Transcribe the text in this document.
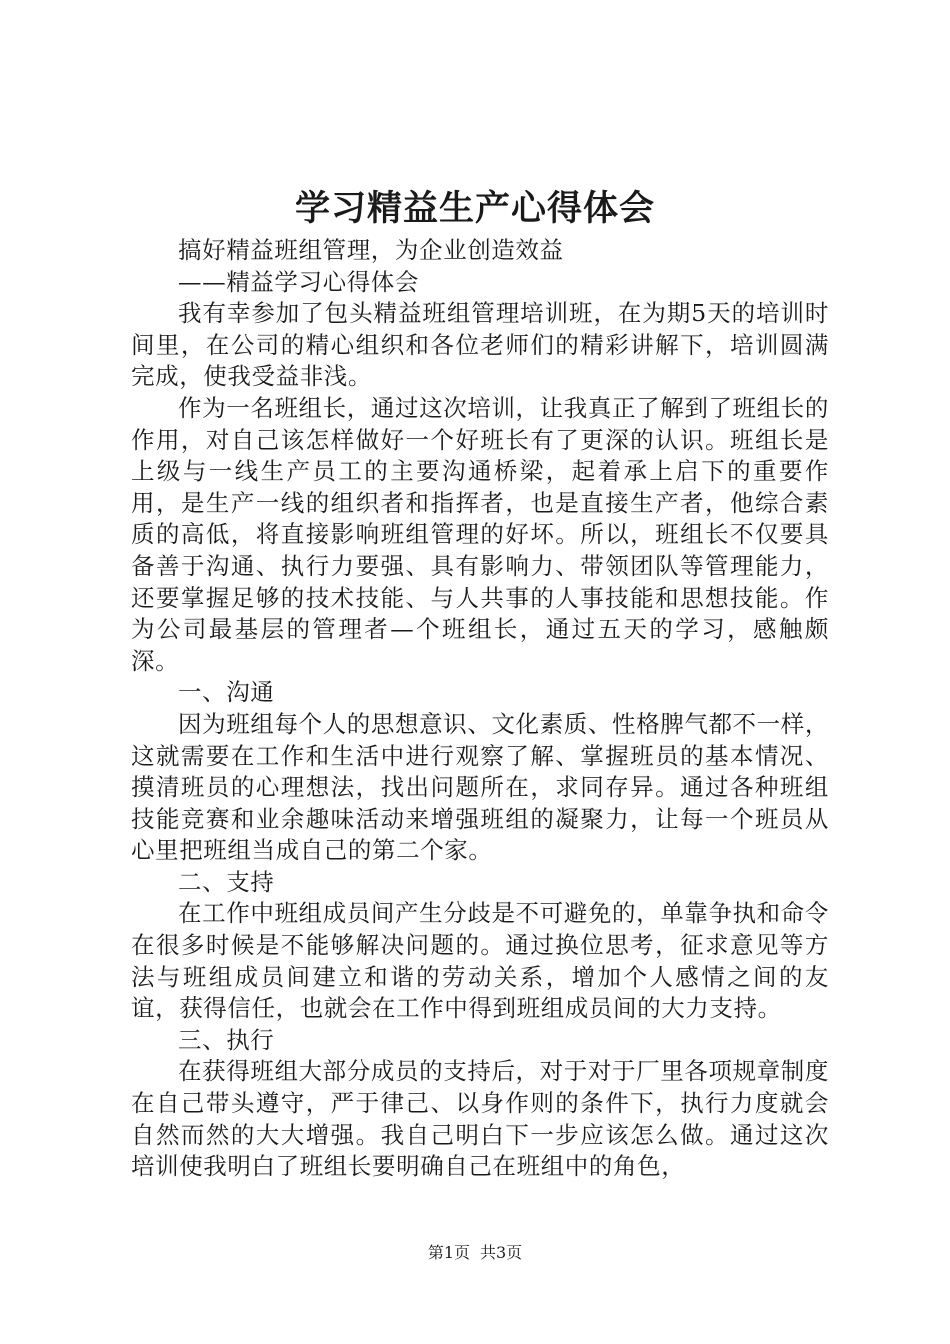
学习精益生产心得体会

搞好精益班组管理，为企业创造效益

——精益学习心得体会

我有幸参加了包头精益班组管理培训班，在为期5天的培训时间里，在公司的精心组织和各位老师们的精彩讲解下，培训圆满完成，使我受益非浅。

作为一名班组长，通过这次培训，让我真正了解到了班组长的作用，对自己该怎样做好一个好班长有了更深的认识。班组长是上级与一线生产员工的主要沟通桥梁，起着承上启下的重要作用，是生产一线的组织者和指挥者，也是直接生产者，他综合素质的高低，将直接影响班组管理的好坏。所以，班组长不仅要具备善于沟通、执行力要强、具有影响力、带领团队等管理能力，还要掌握足够的技术技能、与人共事的人事技能和思想技能。作为公司最基层的管理者—个班组长，通过五天的学习，感触颇深。

一、沟通

因为班组每个人的思想意识、文化素质、性格脾气都不一样，这就需要在工作和生活中进行观察了解、掌握班员的基本情况、摸清班员的心理想法，找出问题所在，求同存异。通过各种班组技能竞赛和业余趣味活动来增强班组的凝聚力，让每一个班员从心里把班组当成自己的第二个家。

二、支持

在工作中班组成员间产生分歧是不可避免的，单靠争执和命令在很多时候是不能够解决问题的。通过换位思考，征求意见等方法与班组成员间建立和谐的劳动关系，增加个人感情之间的友谊，获得信任，也就会在工作中得到班组成员间的大力支持。

三、执行

在获得班组大部分成员的支持后，对于对于厂里各项规章制度在自己带头遵守，严于律己、以身作则的条件下，执行力度就会自然而然的大大增强。我自己明白下一步应该怎么做。通过这次培训使我明白了班组长要明确自己在班组中的角色，

第1页 共3页
